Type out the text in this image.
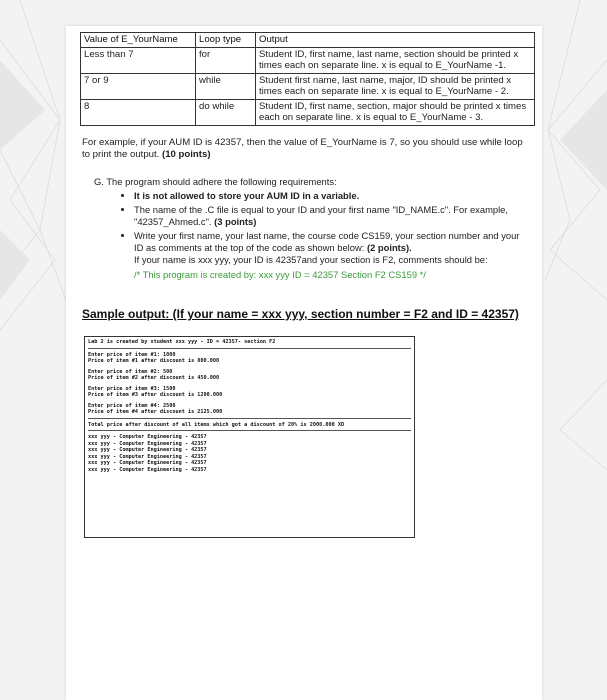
Value of E_YourName	Loop type	Output
Less than 7	for	Student ID, first name, last name, section should be printed x times each on separate line. x is equal to E_YourName -1.
7 or 9	while	Student first name, last name, major, ID should be printed x times each on separate line. x is equal to E_YourName - 2.
8	do while	Student ID, first name, section, major should be printed x times each on separate line. x is equal to E_YourName - 3.
For example, if your AUM ID is 42357, then the value of E_YourName is 7, so you should use while loop to print the output. (10 points)
G. The program should adhere the following requirements:
• It is not allowed to store your AUM ID in a variable.
• The name of the .C file is equal to your ID and your first name "ID_NAME.c". For example, "42357_Ahmed.c". (3 points)
• Write your first name, your last name, the course code CS159, your section number and your ID as comments at the top of the code as shown below: (2 points).
If your name is xxx yyy, your ID is 42357and your section is F2, comments should be:
/* This program is created by: xxx yyy ID = 42357 Section F2 CS159 */
Sample output: (If your name = xxx yyy, section number = F2 and ID = 42357)
Lab 2 is created by student xxx yyy - ID = 42357- section F2
Enter price of item #1: 1000
Price of item #1 after discount is 800.000
Enter price of item #2: 500
Price of item #2 after discount is 450.000
Enter price of item #3: 1500
Price of item #3 after discount is 1200.000
Enter price of item #4: 2500
Price of item #4 after discount is 2125.000
Total price after discount of all items which got a discount of 20% is 2000.000 XD
xxx yyy - Computer Engineering - 42357
xxx yyy - Computer Engineering - 42357
xxx yyy - Computer Engineering - 42357
xxx yyy - Computer Engineering - 42357
xxx yyy - Computer Engineering - 42357
xxx yyy - Computer Engineering - 42357
